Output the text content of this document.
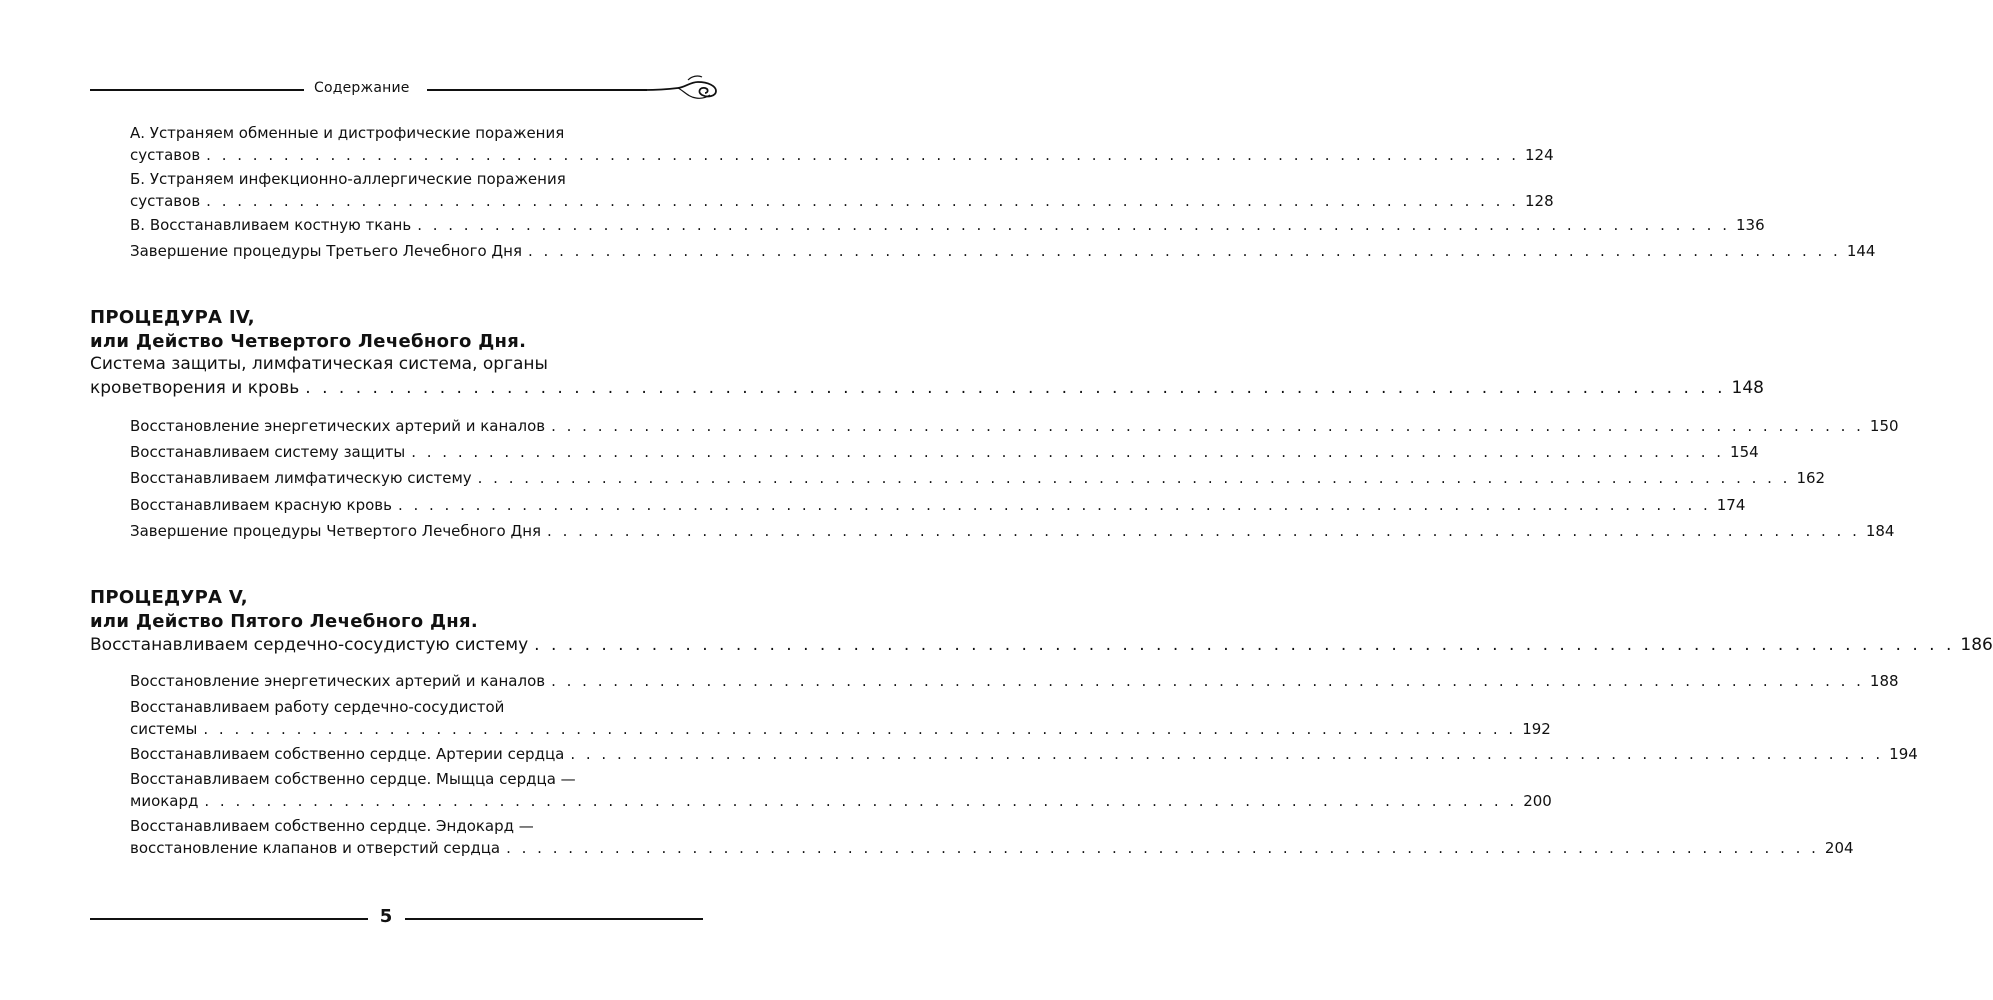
Содержание
А. Устраняем обменные и дистрофические поражения
суставов . . . . . . . . . . . . . . . . . . . . . . . . . . . . . . . . . . . . . . . . . . . . . . . . . . . . . . . . . . . . . . . . . . . . . . . . . . . . . . . . . . . . . 124
Б. Устраняем инфекционно-аллергические поражения
суставов . . . . . . . . . . . . . . . . . . . . . . . . . . . . . . . . . . . . . . . . . . . . . . . . . . . . . . . . . . . . . . . . . . . . . . . . . . . . . . . . . . . . . 128
В. Восстанавливаем костную ткань . . . . . . . . . . . . . . . . . . . . . . . . . . . . . . . . . . . . . . . . . . . . . . . . . . . . . . . . . . . . . . . . . . . . . . . . . . . . . . . . . . . . . 136
Завершение процедуры Третьего Лечебного Дня . . . . . . . . . . . . . . . . . . . . . . . . . . . . . . . . . . . . . . . . . . . . . . . . . . . . . . . . . . . . . . . . . . . . . . . . . . . . . . . . . . . . . 144
ПРОЦЕДУРА IV,
или Действо Четвертого Лечебного Дня.
Система защиты, лимфатическая система, органы
кроветворения и кровь . . . . . . . . . . . . . . . . . . . . . . . . . . . . . . . . . . . . . . . . . . . . . . . . . . . . . . . . . . . . . . . . . . . . . . . . . . . . . . . . . . . . . 148
Восстановление энергетических артерий и каналов . . . . . . . . . . . . . . . . . . . . . . . . . . . . . . . . . . . . . . . . . . . . . . . . . . . . . . . . . . . . . . . . . . . . . . . . . . . . . . . . . . . . . 150
Восстанавливаем систему защиты . . . . . . . . . . . . . . . . . . . . . . . . . . . . . . . . . . . . . . . . . . . . . . . . . . . . . . . . . . . . . . . . . . . . . . . . . . . . . . . . . . . . . 154
Восстанавливаем лимфатическую систему . . . . . . . . . . . . . . . . . . . . . . . . . . . . . . . . . . . . . . . . . . . . . . . . . . . . . . . . . . . . . . . . . . . . . . . . . . . . . . . . . . . . . 162
Восстанавливаем красную кровь . . . . . . . . . . . . . . . . . . . . . . . . . . . . . . . . . . . . . . . . . . . . . . . . . . . . . . . . . . . . . . . . . . . . . . . . . . . . . . . . . . . . . 174
Завершение процедуры Четвертого Лечебного Дня . . . . . . . . . . . . . . . . . . . . . . . . . . . . . . . . . . . . . . . . . . . . . . . . . . . . . . . . . . . . . . . . . . . . . . . . . . . . . . . . . . . . . 184
ПРОЦЕДУРА V,
или Действо Пятого Лечебного Дня.
Восстанавливаем сердечно-сосудистую систему . . . . . . . . . . . . . . . . . . . . . . . . . . . . . . . . . . . . . . . . . . . . . . . . . . . . . . . . . . . . . . . . . . . . . . . . . . . . . . . . . . . . . 186
Восстановление энергетических артерий и каналов . . . . . . . . . . . . . . . . . . . . . . . . . . . . . . . . . . . . . . . . . . . . . . . . . . . . . . . . . . . . . . . . . . . . . . . . . . . . . . . . . . . . . 188
Восстанавливаем работу сердечно-сосудистой
системы . . . . . . . . . . . . . . . . . . . . . . . . . . . . . . . . . . . . . . . . . . . . . . . . . . . . . . . . . . . . . . . . . . . . . . . . . . . . . . . . . . . . . 192
Восстанавливаем собственно сердце. Артерии сердца . . . . . . . . . . . . . . . . . . . . . . . . . . . . . . . . . . . . . . . . . . . . . . . . . . . . . . . . . . . . . . . . . . . . . . . . . . . . . . . . . . . . . 194
Восстанавливаем собственно сердце. Мыщца сердца —
миокард . . . . . . . . . . . . . . . . . . . . . . . . . . . . . . . . . . . . . . . . . . . . . . . . . . . . . . . . . . . . . . . . . . . . . . . . . . . . . . . . . . . . . 200
Восстанавливаем собственно сердце. Эндокард —
восстановление клапанов и отверстий сердца . . . . . . . . . . . . . . . . . . . . . . . . . . . . . . . . . . . . . . . . . . . . . . . . . . . . . . . . . . . . . . . . . . . . . . . . . . . . . . . . . . . . . 204
5
